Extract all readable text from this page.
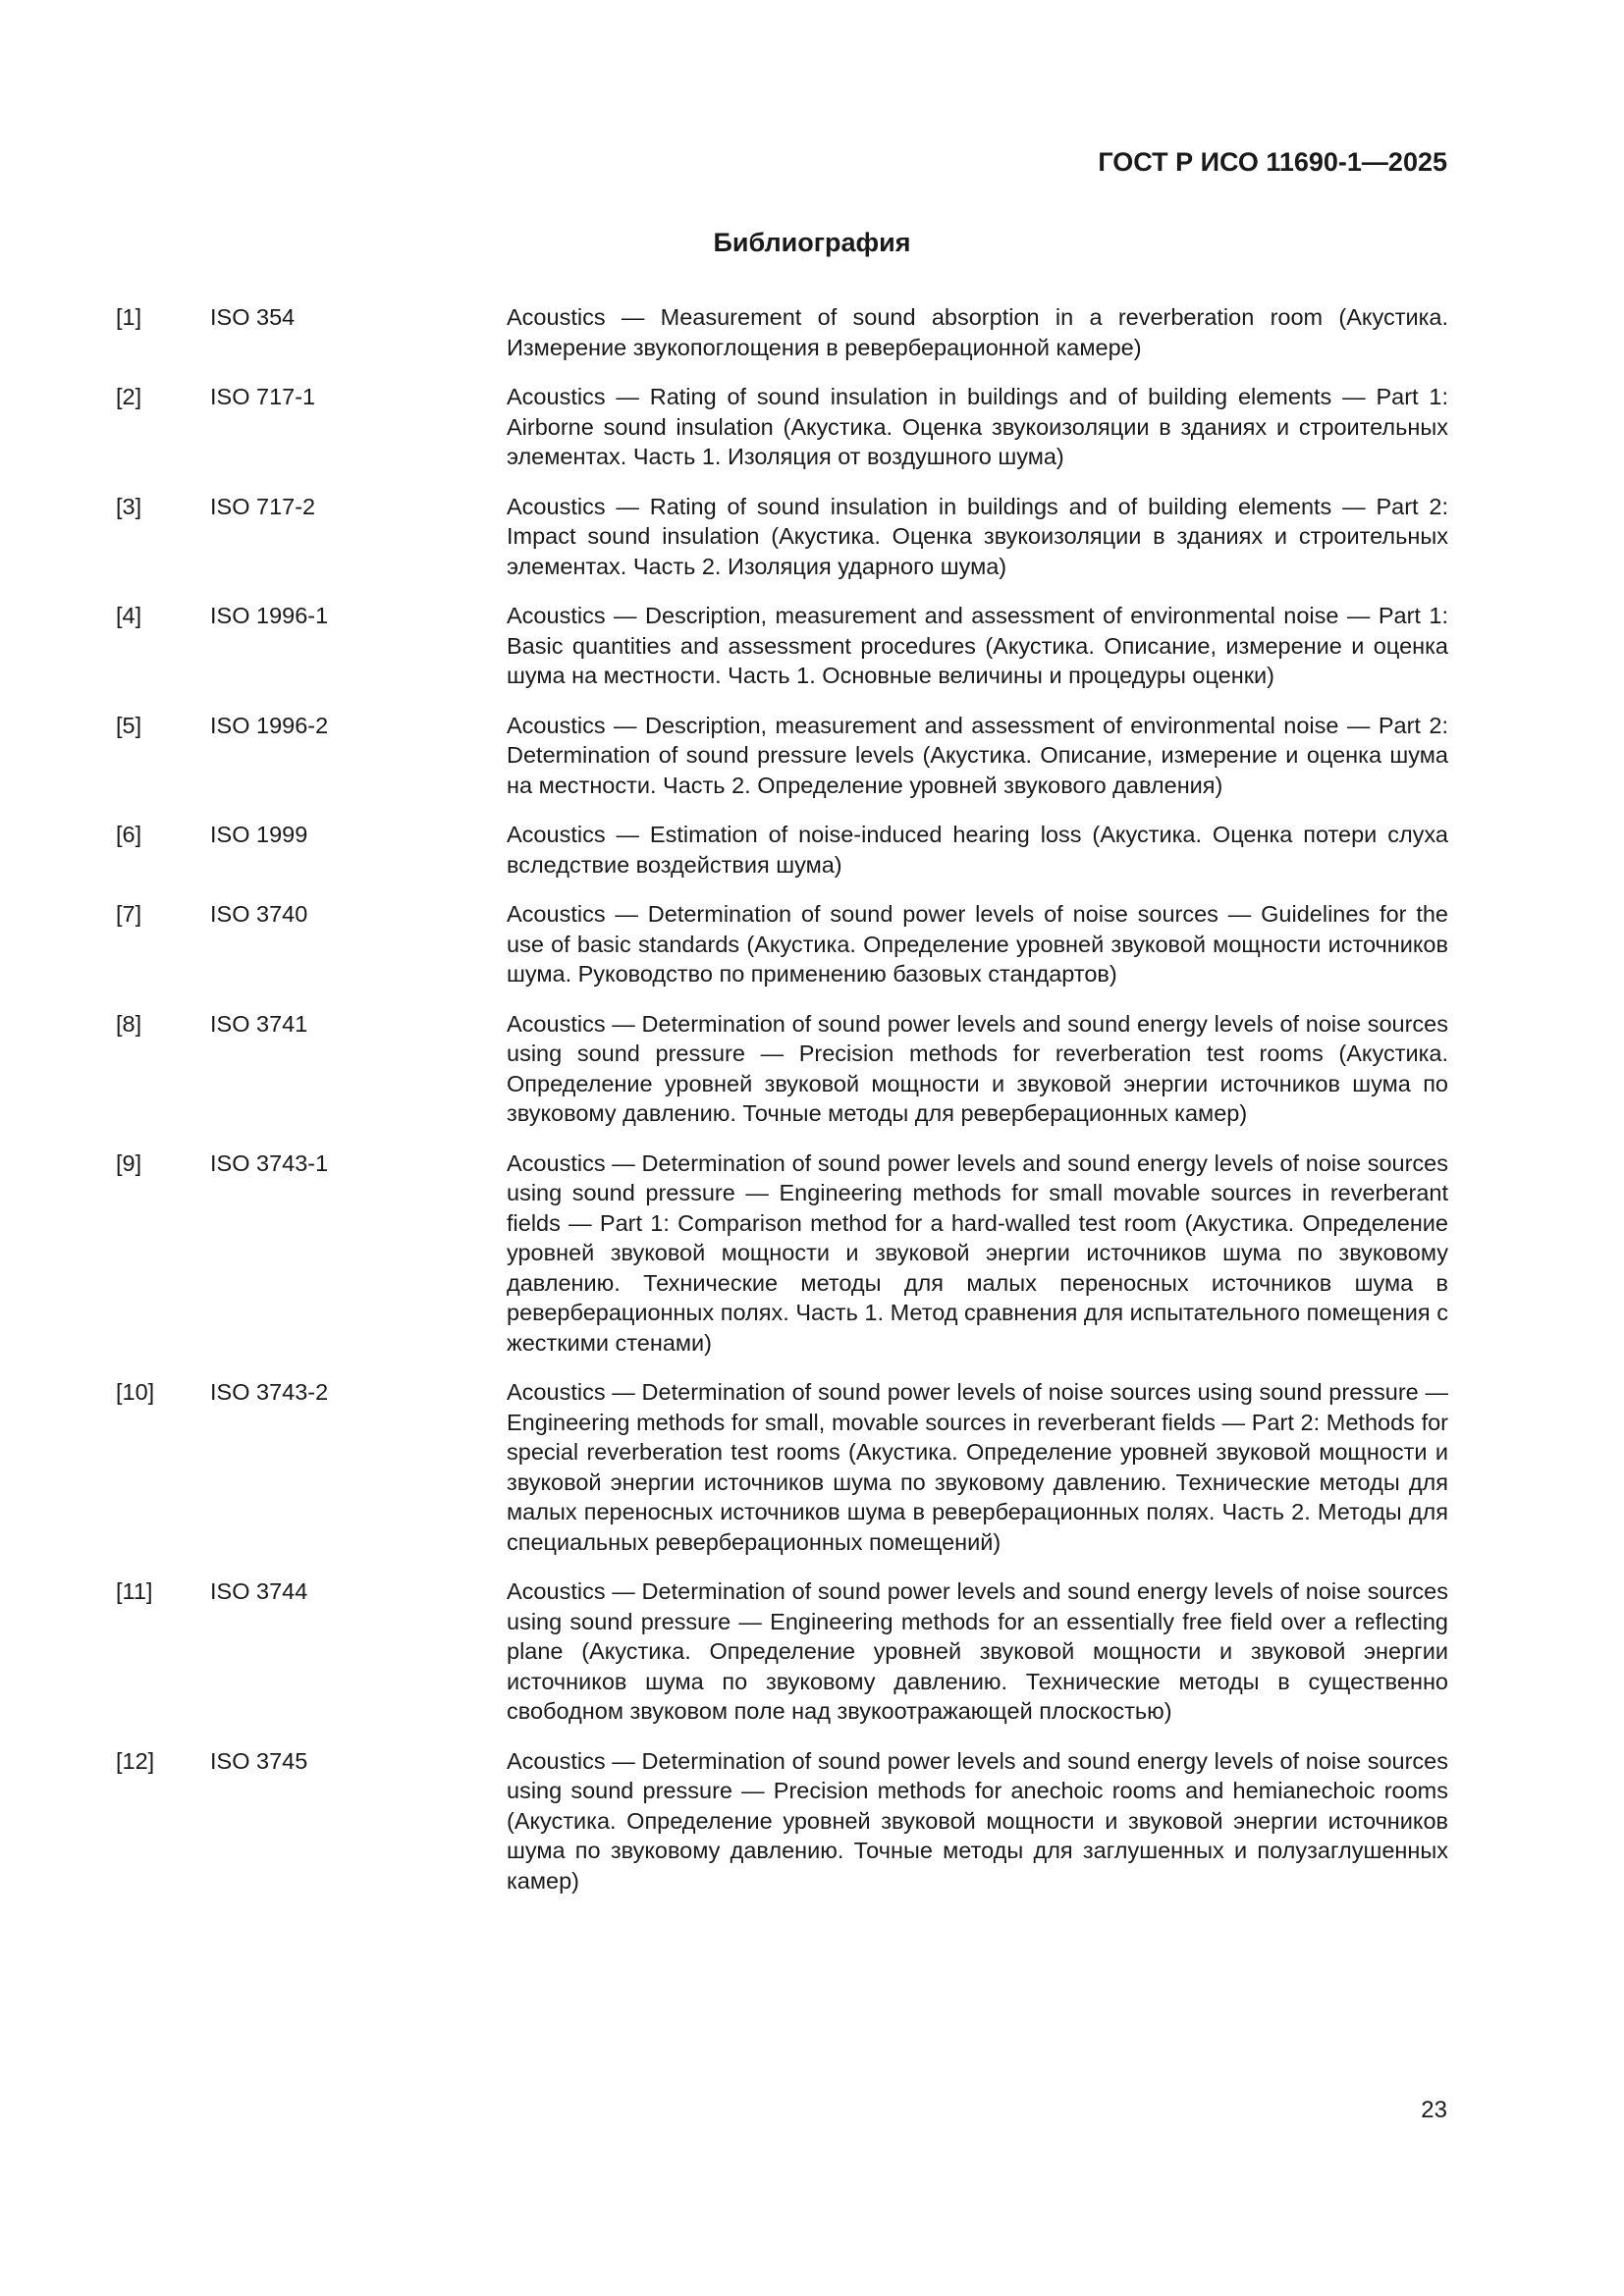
ГОСТ Р ИСО 11690-1—2025
Библиография
[1]	ISO 354	Acoustics — Measurement of sound absorption in a reverberation room (Акустика. Измерение звукопоглощения в реверберационной камере)
[2]	ISO 717-1	Acoustics — Rating of sound insulation in buildings and of building elements — Part 1: Airborne sound insulation (Акустика. Оценка звукоизоляции в зданиях и строительных элементах. Часть 1. Изоляция от воздушного шума)
[3]	ISO 717-2	Acoustics — Rating of sound insulation in buildings and of building elements — Part 2: Impact sound insulation (Акустика. Оценка звукоизоляции в зданиях и строительных элементах. Часть 2. Изоляция ударного шума)
[4]	ISO 1996-1	Acoustics — Description, measurement and assessment of environmental noise — Part 1: Basic quantities and assessment procedures (Акустика. Описание, измерение и оценка шума на местности. Часть 1. Основные величины и процедуры оценки)
[5]	ISO 1996-2	Acoustics — Description, measurement and assessment of environmental noise — Part 2: Determination of sound pressure levels (Акустика. Описание, измерение и оценка шума на местности. Часть 2. Определение уровней звукового давления)
[6]	ISO 1999	Acoustics — Estimation of noise-induced hearing loss (Акустика. Оценка потери слуха вследствие воздействия шума)
[7]	ISO 3740	Acoustics — Determination of sound power levels of noise sources — Guidelines for the use of basic standards (Акустика. Определение уровней звуковой мощности источников шума. Руководство по применению базовых стандартов)
[8]	ISO 3741	Acoustics — Determination of sound power levels and sound energy levels of noise sources using sound pressure — Precision methods for reverberation test rooms (Акустика. Определение уровней звуковой мощности и звуковой энергии источников шума по звуковому давлению. Точные методы для реверберационных камер)
[9]	ISO 3743-1	Acoustics — Determination of sound power levels and sound energy levels of noise sources using sound pressure — Engineering methods for small movable sources in reverberant fields — Part 1: Comparison method for a hard-walled test room (Акустика. Определение уровней звуковой мощности и звуковой энергии источников шума по звуковому давлению. Технические методы для малых переносных источников шума в реверберационных полях. Часть 1. Метод сравнения для испытательного помещения с жесткими стенами)
[10]	ISO 3743-2	Acoustics — Determination of sound power levels of noise sources using sound pressure — Engineering methods for small, movable sources in reverberant fields — Part 2: Methods for special reverberation test rooms (Акустика. Определение уровней звуковой мощности и звуковой энергии источников шума по звуковому давлению. Технические методы для малых переносных источников шума в реверберационных полях. Часть 2. Методы для специальных реверберационных помещений)
[11]	ISO 3744	Acoustics — Determination of sound power levels and sound energy levels of noise sources using sound pressure — Engineering methods for an essentially free field over a reflecting plane (Акустика. Определение уровней звуковой мощности и звуковой энергии источников шума по звуковому давлению. Технические методы в существенно свободном звуковом поле над звукоотражающей плоскостью)
[12]	ISO 3745	Acoustics — Determination of sound power levels and sound energy levels of noise sources using sound pressure — Precision methods for anechoic rooms and hemianechoic rooms (Акустика. Определение уровней звуковой мощности и звуковой энергии источников шума по звуковому давлению. Точные методы для заглушенных и полузаглушенных камер)
23
